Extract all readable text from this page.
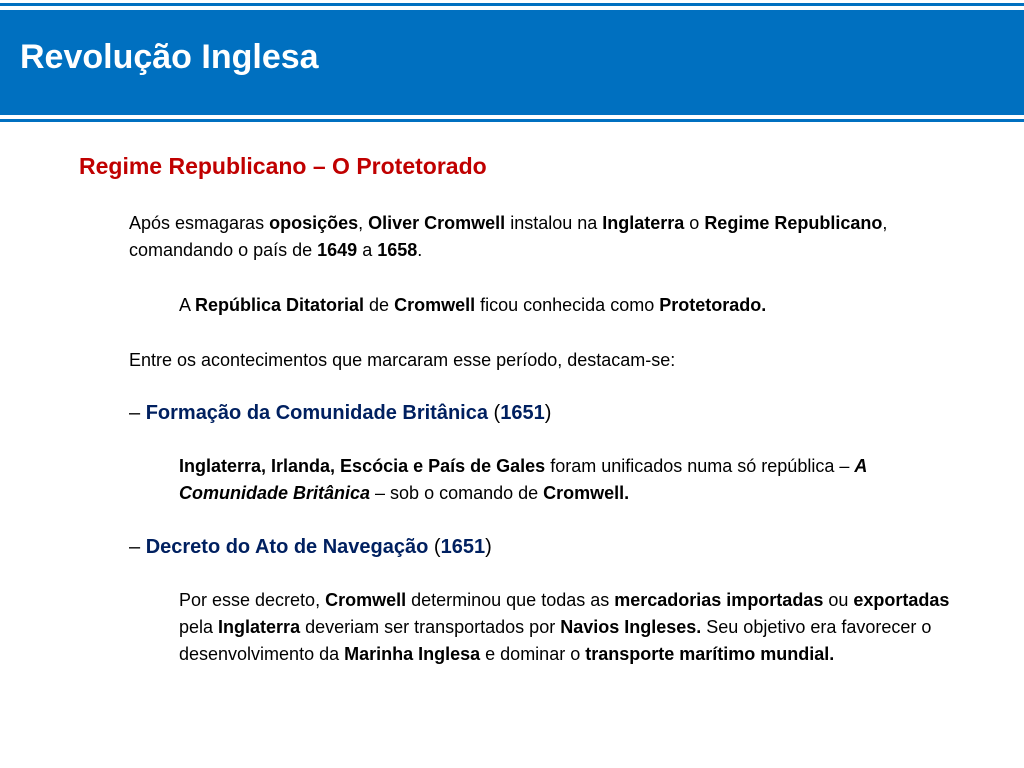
Revolução Inglesa
Regime Republicano – O Protetorado
Após esmagaras oposições, Oliver Cromwell instalou na Inglaterra o Regime Republicano, comandando o país de 1649 a 1658.
A República Ditatorial de Cromwell ficou conhecida como Protetorado.
Entre os acontecimentos que marcaram esse período, destacam-se:
– Formação da Comunidade Britânica (1651)
Inglaterra, Irlanda, Escócia e País de Gales foram unificados numa só república – A Comunidade Britânica – sob o comando de Cromwell.
– Decreto do Ato de Navegação (1651)
Por esse decreto, Cromwell determinou que todas as mercadorias importadas ou exportadas pela Inglaterra deveriam ser transportados por Navios Ingleses. Seu objetivo era favorecer o desenvolvimento da Marinha Inglesa e dominar o transporte marítimo mundial.
